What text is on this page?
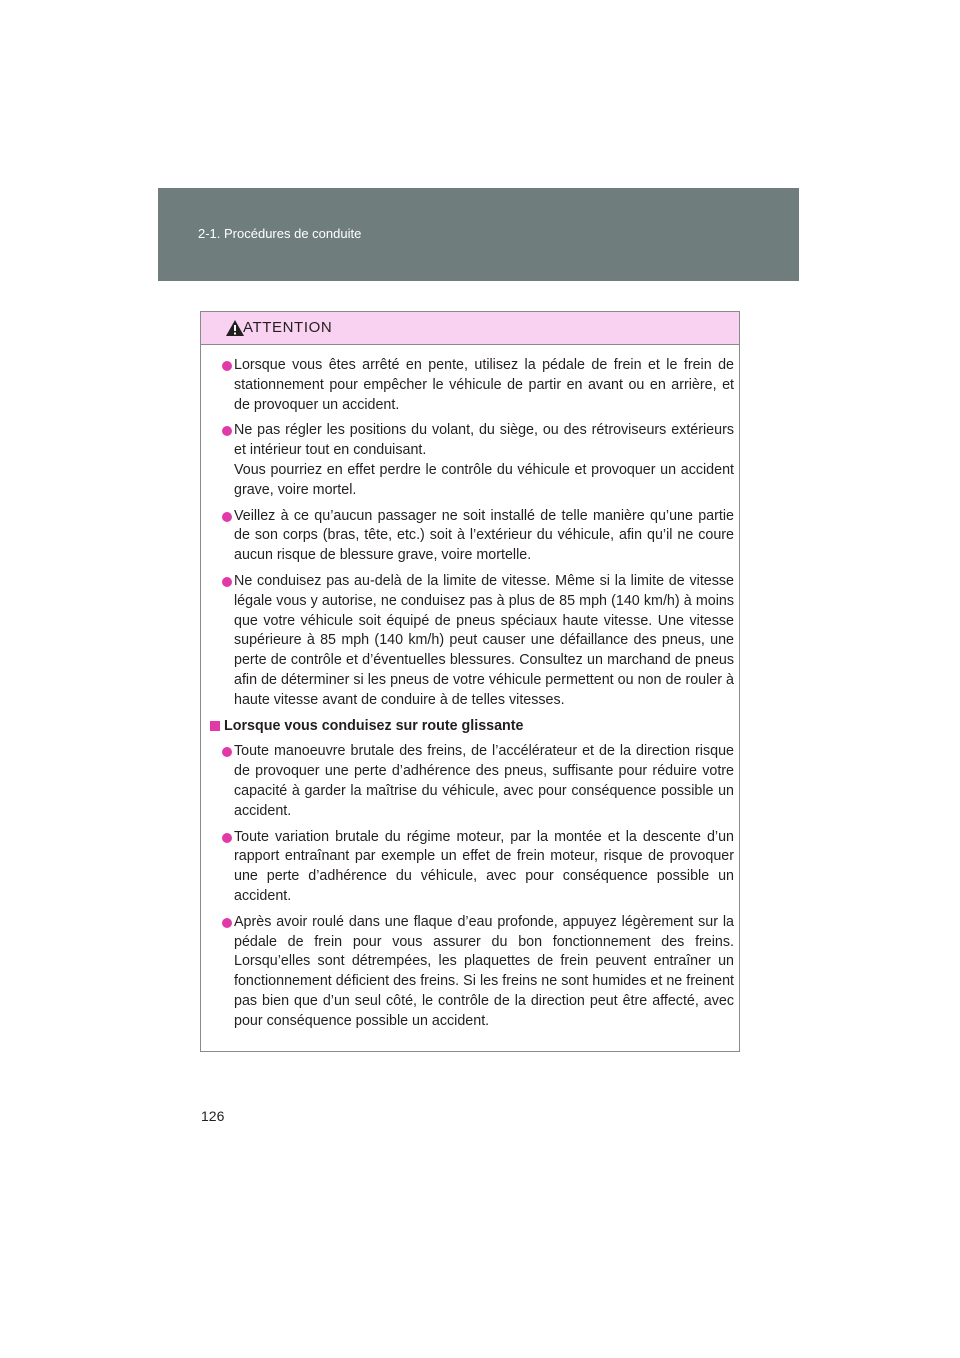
2-1. Procédures de conduite
ATTENTION

Lorsque vous êtes arrêté en pente, utilisez la pédale de frein et le frein de stationnement pour empêcher le véhicule de partir en avant ou en arrière, et de provoquer un accident.

Ne pas régler les positions du volant, du siège, ou des rétroviseurs extérieurs et intérieur tout en conduisant.

Vous pourriez en effet perdre le contrôle du véhicule et provoquer un accident grave, voire mortel.

Veillez à ce qu’aucun passager ne soit installé de telle manière qu’une partie de son corps (bras, tête, etc.) soit à l’extérieur du véhicule, afin qu’il ne coure aucun risque de blessure grave, voire mortelle.

Ne conduisez pas au-delà de la limite de vitesse. Même si la limite de vitesse légale vous y autorise, ne conduisez pas à plus de 85 mph (140 km/h) à moins que votre véhicule soit équipé de pneus spéciaux haute vitesse. Une vitesse supérieure à 85 mph (140 km/h) peut causer une défaillance des pneus, une perte de contrôle et d’éventuelles blessures. Consultez un marchand de pneus afin de déterminer si les pneus de votre véhicule permettent ou non de rouler à haute vitesse avant de conduire à de telles vitesses.

Lorsque vous conduisez sur route glissante

Toute manoeuvre brutale des freins, de l’accélérateur et de la direction risque de provoquer une perte d’adhérence des pneus, suffisante pour réduire votre capacité à garder la maîtrise du véhicule, avec pour conséquence possible un accident.

Toute variation brutale du régime moteur, par la montée et la descente d’un rapport entraînant par exemple un effet de frein moteur, risque de provoquer une perte d’adhérence du véhicule, avec pour conséquence possible un accident.

Après avoir roulé dans une flaque d’eau profonde, appuyez légèrement sur la pédale de frein pour vous assurer du bon fonctionnement des freins. Lorsqu’elles sont détrempées, les plaquettes de frein peuvent entraîner un fonctionnement déficient des freins. Si les freins ne sont humides et ne freinent pas bien que d’un seul côté, le contrôle de la direction peut être affecté, avec pour conséquence possible un accident.

126
